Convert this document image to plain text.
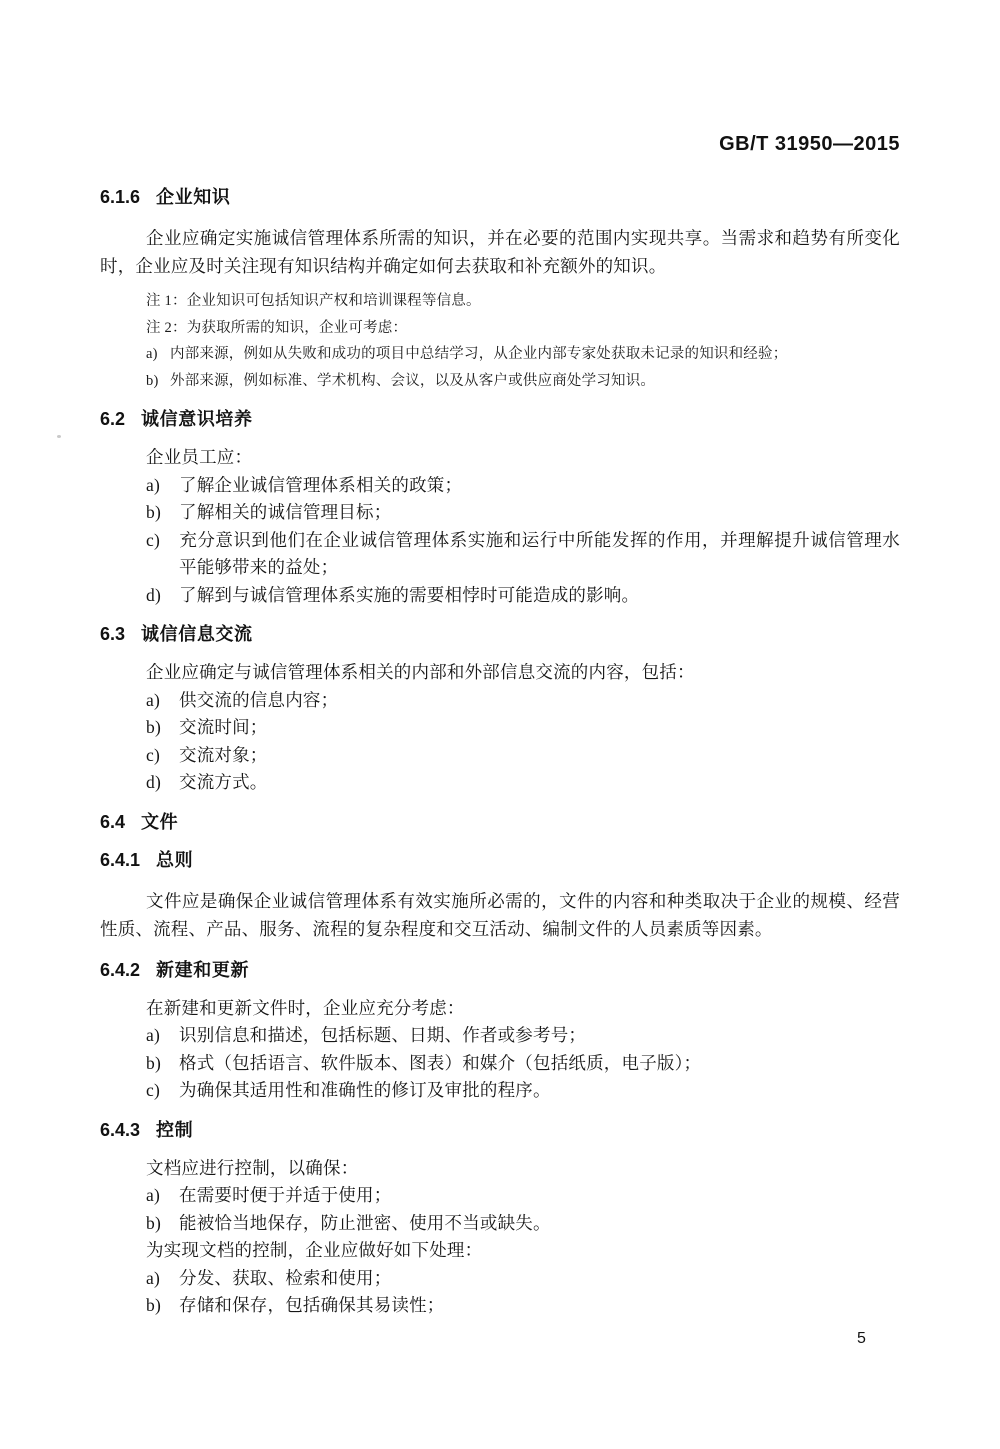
GB/T 31950—2015
6.1.6 企业知识

企业应确定实施诚信管理体系所需的知识，并在必要的范围内实现共享。当需求和趋势有所变化时，企业应及时关注现有知识结构并确定如何去获取和补充额外的知识。

注 1：企业知识可包括知识产权和培训课程等信息。
注 2：为获取所需的知识，企业可考虑：
a) 内部来源，例如从失败和成功的项目中总结学习，从企业内部专家处获取未记录的知识和经验；
b) 外部来源，例如标准、学术机构、会议，以及从客户或供应商处学习知识。
6.2 诚信意识培养

企业员工应：

a) 了解企业诚信管理体系相关的政策；
b) 了解相关的诚信管理目标；
c) 充分意识到他们在企业诚信管理体系实施和运行中所能发挥的作用，并理解提升诚信管理水平能够带来的益处；
d) 了解到与诚信管理体系实施的需要相悖时可能造成的影响。
6.3 诚信信息交流

企业应确定与诚信管理体系相关的内部和外部信息交流的内容，包括：

a) 供交流的信息内容；
b) 交流时间；
c) 交流对象；
d) 交流方式。
6.4 文件
6.4.1 总则

文件应是确保企业诚信管理体系有效实施所必需的，文件的内容和种类取决于企业的规模、经营性质、流程、产品、服务、流程的复杂程度和交互活动、编制文件的人员素质等因素。

6.4.2 新建和更新

在新建和更新文件时，企业应充分考虑：

a) 识别信息和描述，包括标题、日期、作者或参考号；
b) 格式（包括语言、软件版本、图表）和媒介（包括纸质，电子版）；
c) 为确保其适用性和准确性的修订及审批的程序。
6.4.3 控制

文档应进行控制，以确保：

a) 在需要时便于并适于使用；
b) 能被恰当地保存，防止泄密、使用不当或缺失。

为实现文档的控制，企业应做好如下处理：

a) 分发、获取、检索和使用；
b) 存储和保存，包括确保其易读性；
5
